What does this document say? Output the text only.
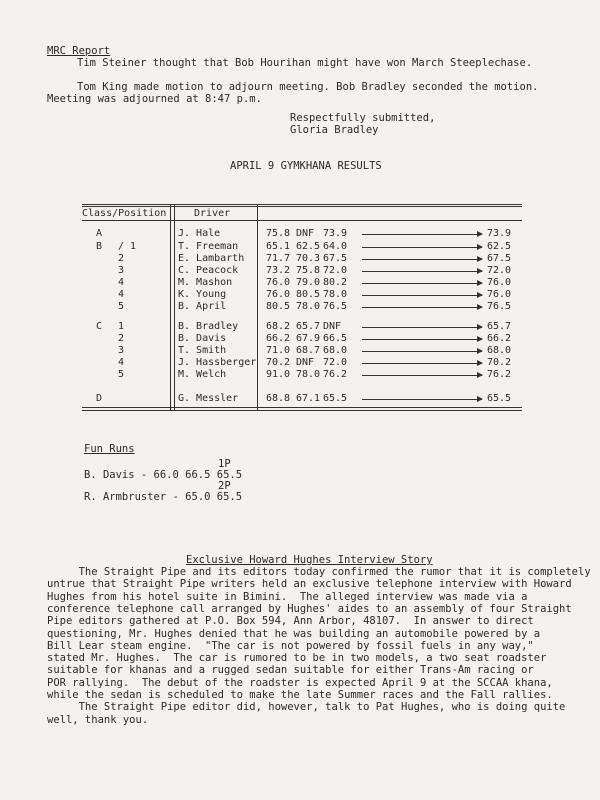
MRC Report
Tim Steiner thought that Bob Hourihan might have won March Steeplechase.
Tom King made motion to adjourn meeting. Bob Bradley seconded the motion.
Meeting was adjourned at 8:47 p.m.
Respectfully submitted,
Gloria Bradley
APRIL 9 GYMKHANA RESULTS
Class/Position	Driver
A	J. Hale	75.8 DNF 73.9	73.9
B / 1	T. Freeman	65.1 62.5 64.0	62.5
2	E. Lambarth 71.7 70.3 67.5	67.5
3	C. Peacock	73.2 75.8 72.0	72.0
4	M. Mashon	76.0 79.0 80.2	76.0
4	K. Young	76.0 80.5 78.0	76.0
5	B. April	80.5 78.0 76.5	76.5
C 1	B. Bradley	68.2 65.7 DNF	65.7
2	B. Davis	66.2 67.9 66.5	66.2
3	T. Smith	71.0 68.7 68.0	68.0
4	J. Hassberger 70.2 DNF 72.0	70.2
5	M. Welch	91.0 78.0 76.2	76.2
D	G. Messler	68.8 67.1 65.5	65.5
Fun Runs
1P
B. Davis - 66.0 66.5 65.5
2P
R. Armbruster - 65.0 65.5
Exclusive Howard Hughes Interview Story
The Straight Pipe and its editors today confirmed the rumor that it is completely
untrue that Straight Pipe writers held an exclusive telephone interview with Howard
Hughes from his hotel suite in Bimini.  The alleged interview was made via a
conference telephone call arranged by Hughes' aides to an assembly of four Straight
Pipe editors gathered at P.O. Box 594, Ann Arbor, 48107.  In answer to direct
questioning, Mr. Hughes denied that he was building an automobile powered by a
Bill Lear steam engine.  "The car is not powered by fossil fuels in any way,"
stated Mr. Hughes.  The car is rumored to be in two models, a two seat roadster
suitable for khanas and a rugged sedan suitable for either Trans-Am racing or
POR rallying.  The debut of the roadster is expected April 9 at the SCCAA khana,
while the sedan is scheduled to make the late Summer races and the Fall rallies.
The Straight Pipe editor did, however, talk to Pat Hughes, who is doing quite
well, thank you.
